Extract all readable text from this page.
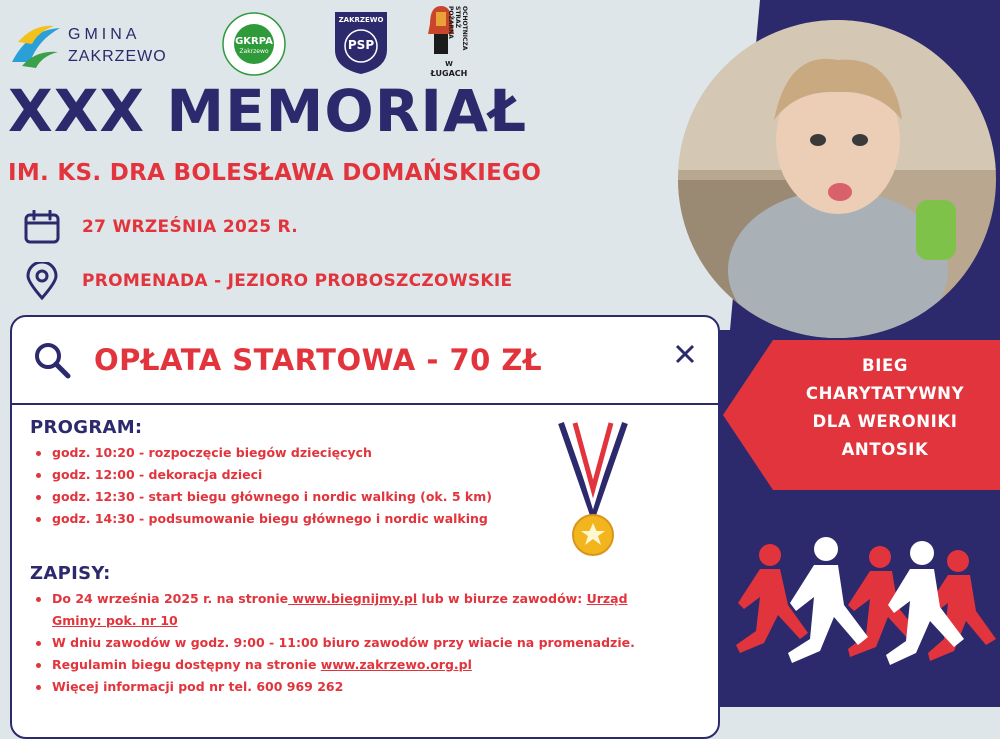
GMINA
ZAKRZEWO
GKRPA
Zakrzewo
ZAKRZEWO
PSP	OCHOTNICZA STRAŻ POŻARNA
W
ŁUGACH
XXX MEMORIAŁ
IM. KS. DRA BOLESŁAWA DOMAŃSKIEGO
27 WRZEŚNIA 2025 R.
PROMENADA - JEZIORO PROBOSZCZOWSKIE
BIEG
CHARYTATYWNY
DLA WERONIKI
ANTOSIK
OPŁATA STARTOWA - 70 ZŁ
PROGRAM:
godz. 10:20 - rozpoczęcie biegów dziecięcych
godz. 12:00 - dekoracja dzieci
godz. 12:30 - start biegu głównego i nordic walking (ok. 5 km)
godz. 14:30 - podsumowanie biegu głównego i nordic walking
ZAPISY:
Do 24 września 2025 r. na stronie www.biegnijmy.pl lub w biurze zawodów: Urząd Gminy: pok. nr 10
W dniu zawodów w godz. 9:00 - 11:00 biuro zawodów przy wiacie na promenadzie.
Regulamin biegu dostępny na stronie www.zakrzewo.org.pl
Więcej informacji pod nr tel. 600 969 262
